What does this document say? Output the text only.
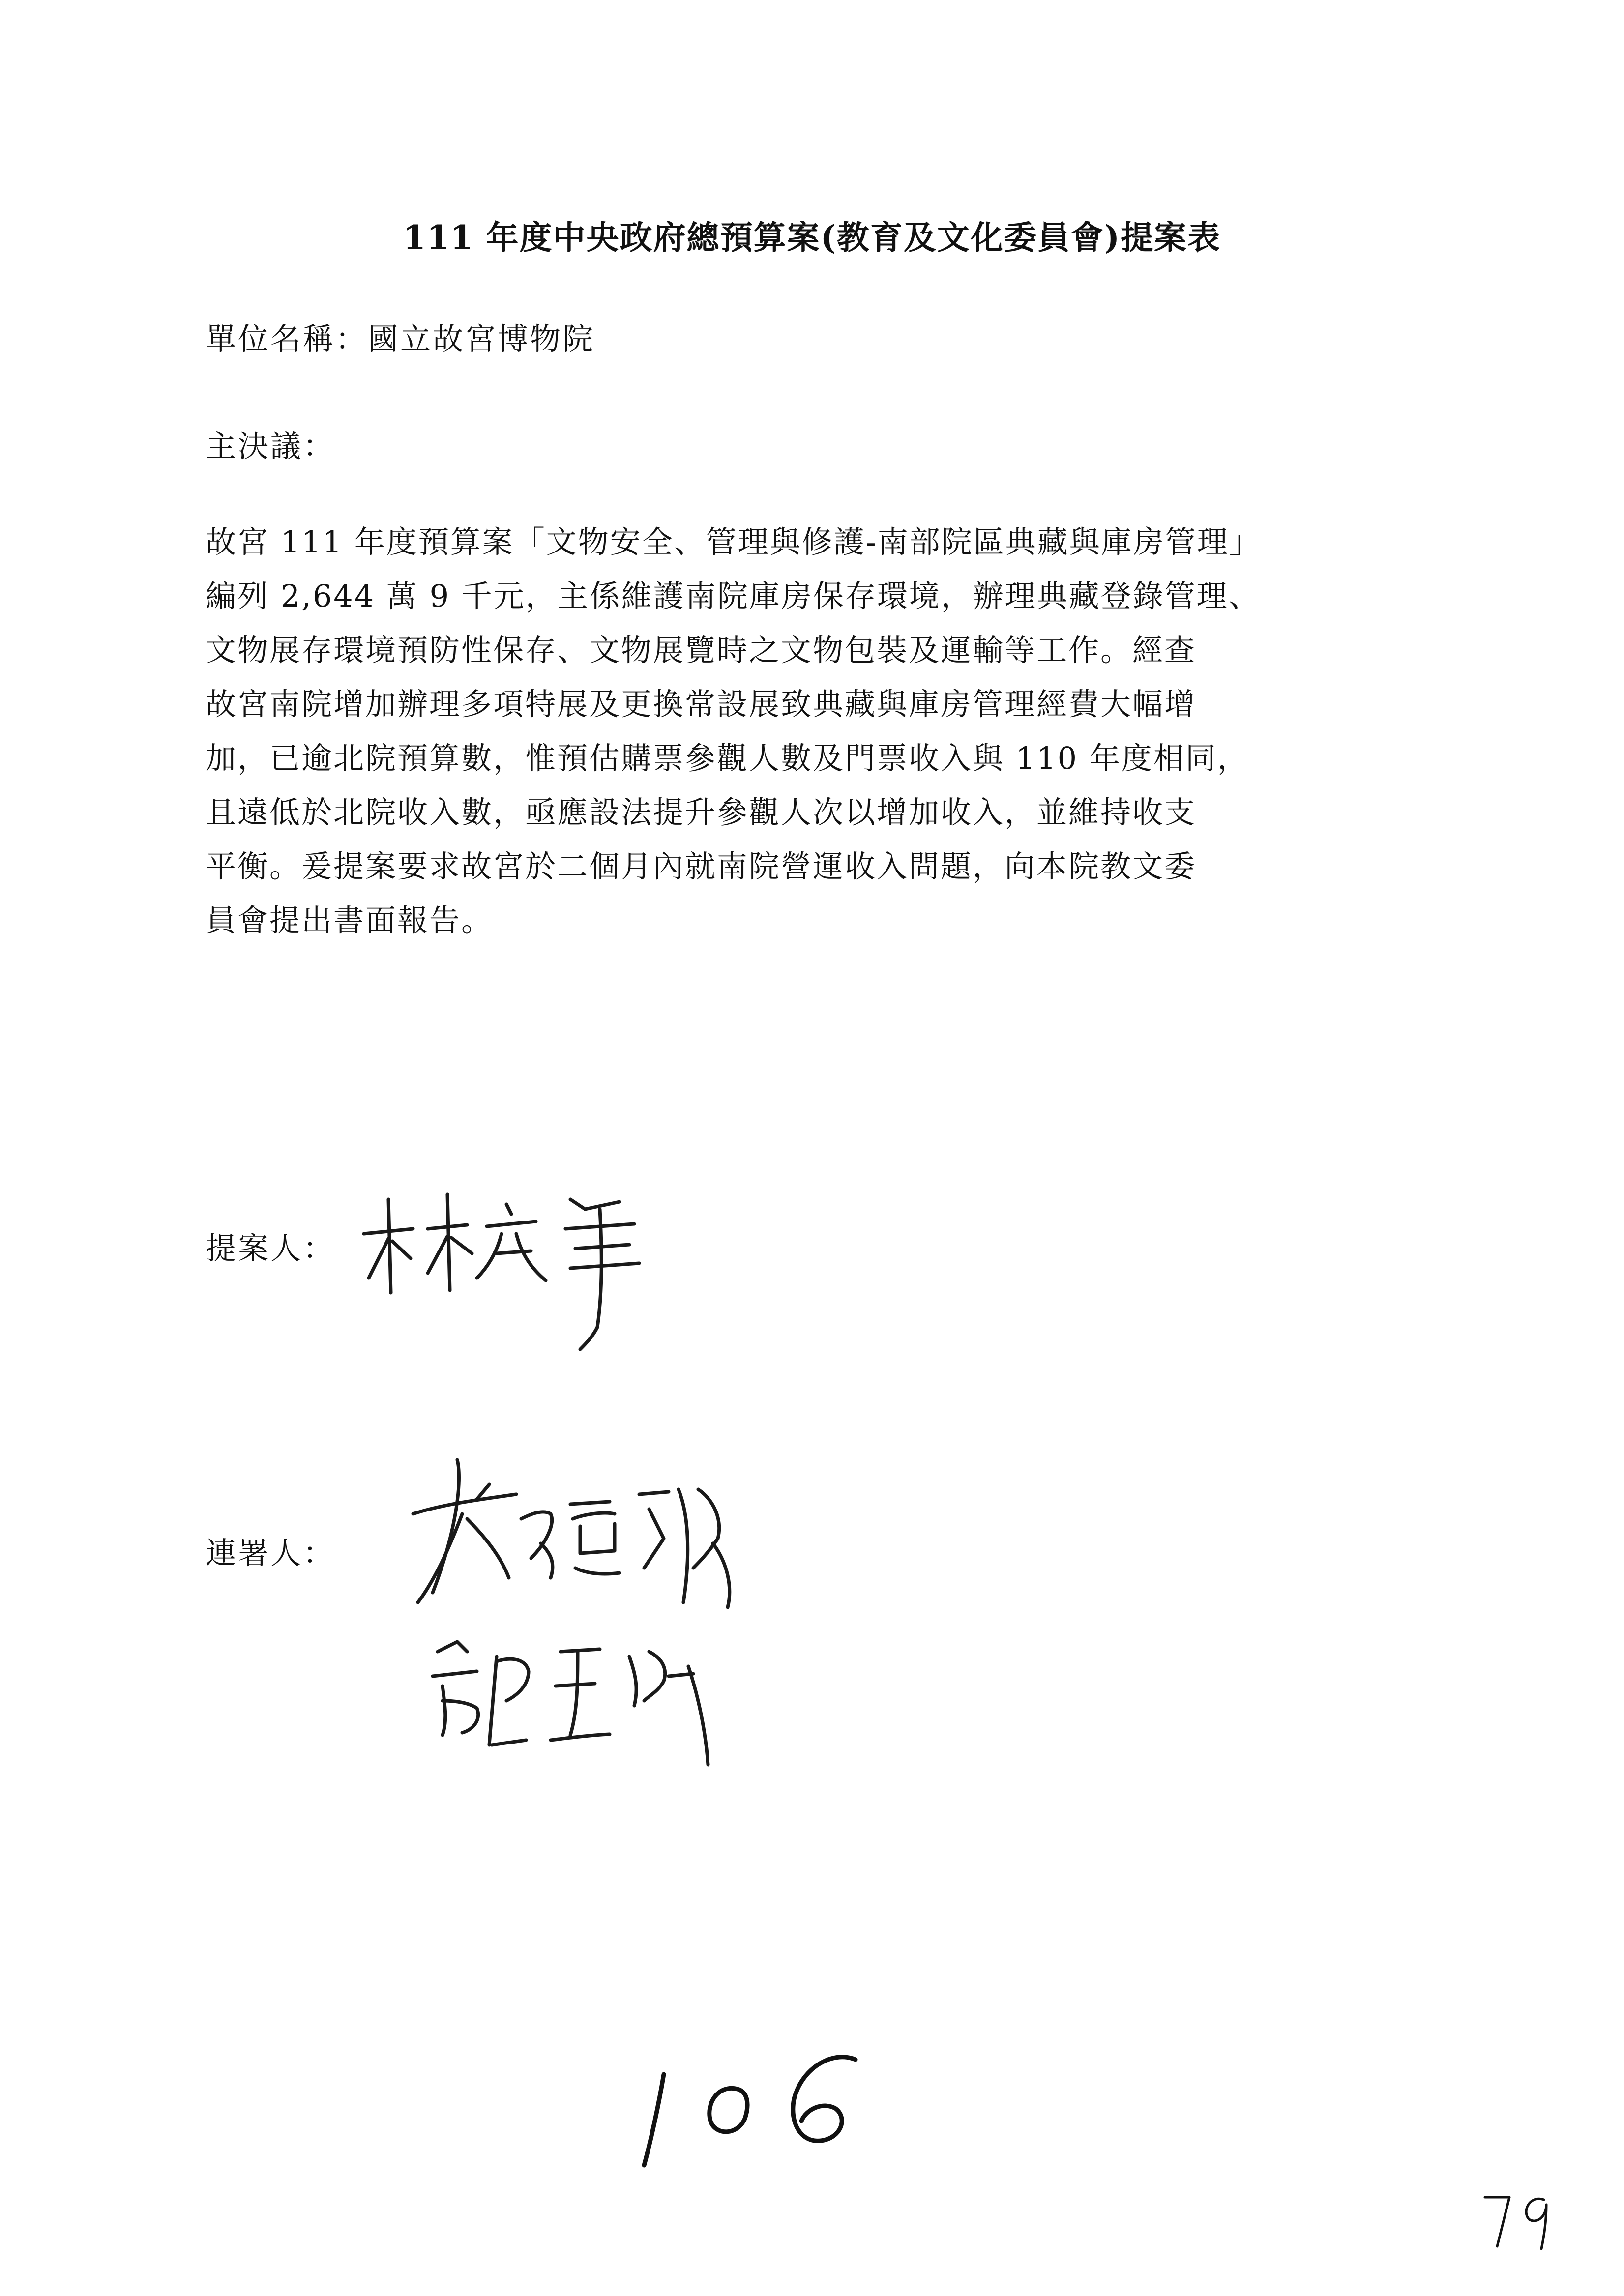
111 年度中央政府總預算案(教育及文化委員會)提案表
單位名稱：國立故宮博物院
主決議：
故宮 111 年度預算案「文物安全、管理與修護-南部院區典藏與庫房管理」
編列 2,644 萬 9 千元，主係維護南院庫房保存環境，辦理典藏登錄管理、
文物展存環境預防性保存、文物展覽時之文物包裝及運輸等工作。經查
故宮南院增加辦理多項特展及更換常設展致典藏與庫房管理經費大幅增
加，已逾北院預算數，惟預估購票參觀人數及門票收入與 110 年度相同，
且遠低於北院收入數，亟應設法提升參觀人次以增加收入，並維持收支
平衡。爰提案要求故宮於二個月內就南院營運收入問題，向本院教文委
員會提出書面報告。
提案人：
連署人：
